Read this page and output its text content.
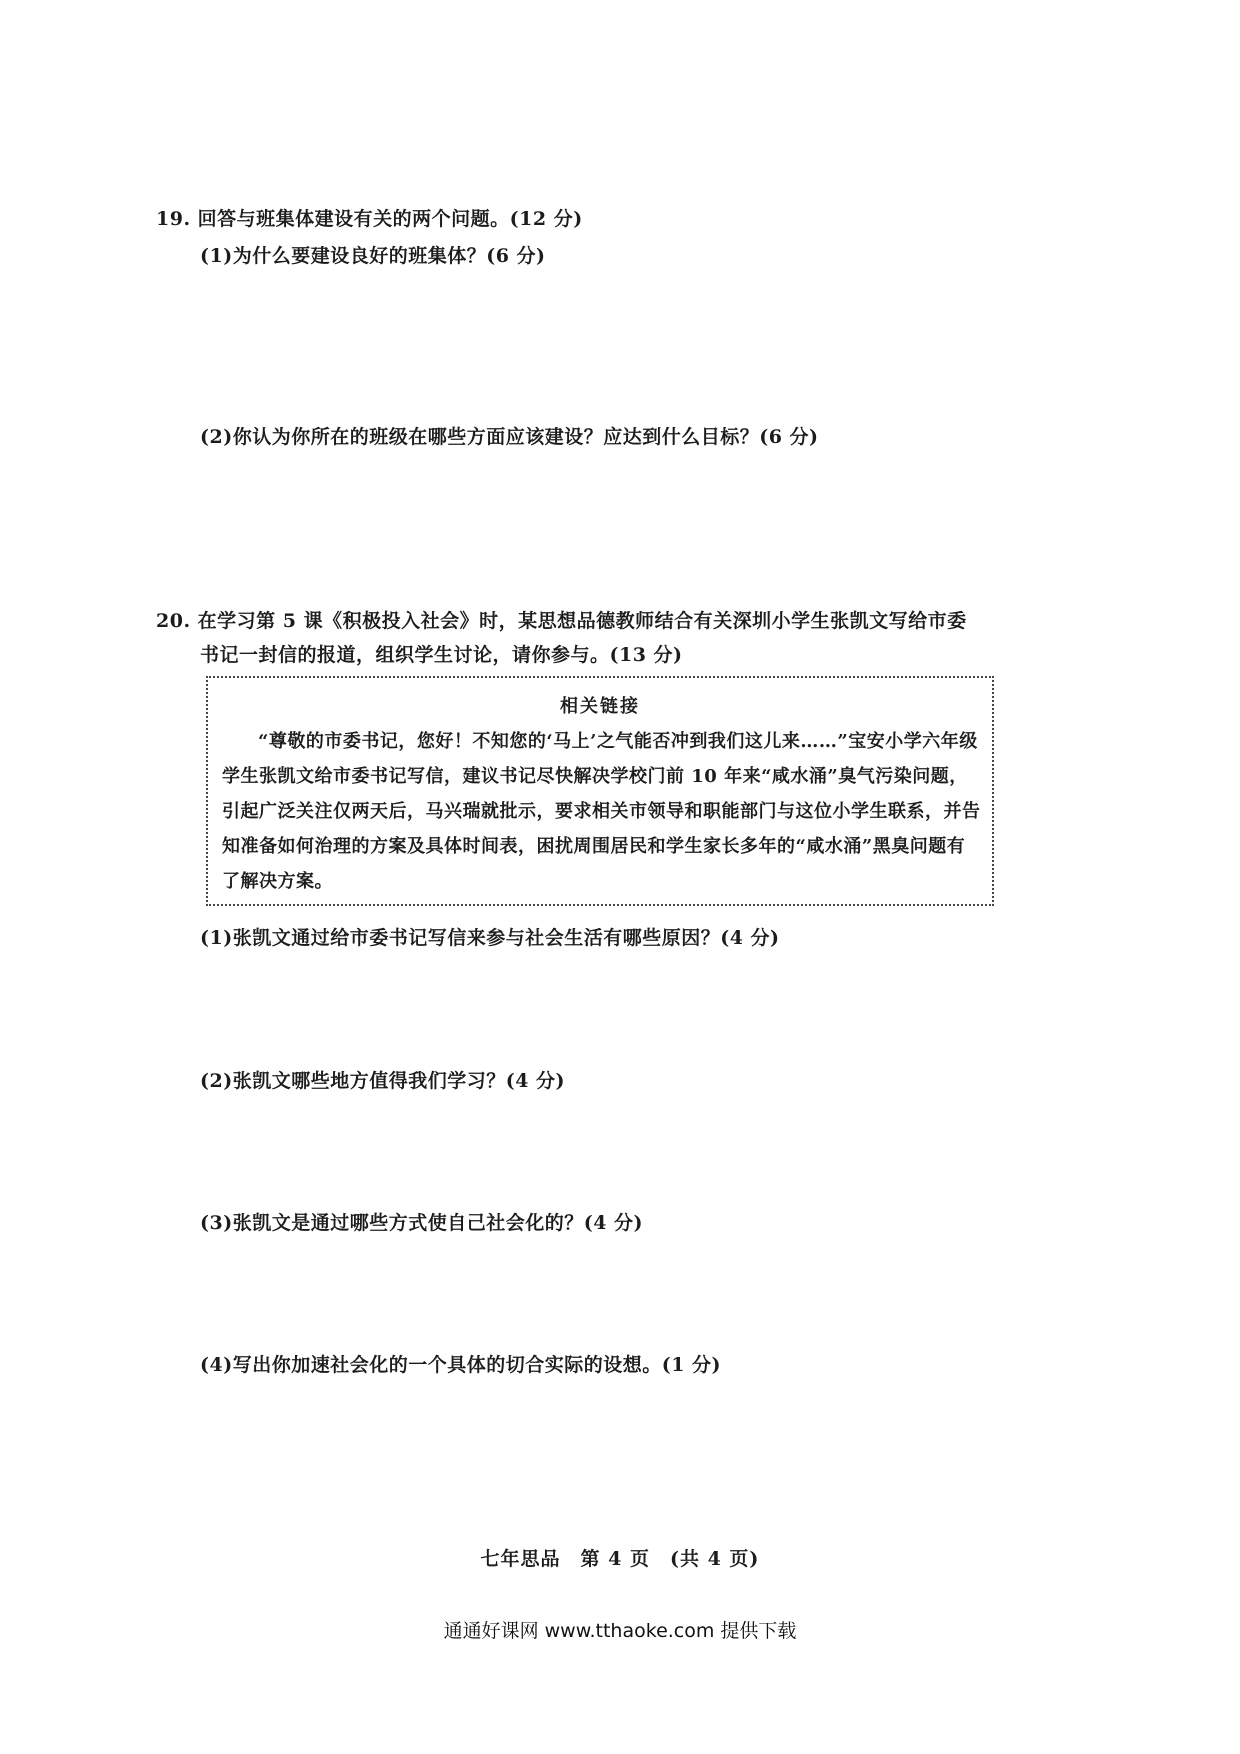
19. 回答与班集体建设有关的两个问题。(12 分)
(1)为什么要建设良好的班集体？(6 分)
(2)你认为你所在的班级在哪些方面应该建设？应达到什么目标？(6 分)
20. 在学习第 5 课《积极投入社会》时，某思想品德教师结合有关深圳小学生张凯文写给市委
书记一封信的报道，组织学生讨论，请你参与。(13 分)
相关链接

“尊敬的市委书记，您好！不知您的‘马上’之气能否冲到我们这儿来……”宝安小学六年级学生张凯文给市委书记写信，建议书记尽快解决学校门前 10 年来“咸水涌”臭气污染问题，引起广泛关注仅两天后，马兴瑞就批示，要求相关市领导和职能部门与这位小学生联系，并告知准备如何治理的方案及具体时间表，困扰周围居民和学生家长多年的“咸水涌”黑臭问题有了解决方案。

(1)张凯文通过给市委书记写信来参与社会生活有哪些原因？(4 分)
(2)张凯文哪些地方值得我们学习？(4 分)
(3)张凯文是通过哪些方式使自己社会化的？(4 分)
(4)写出你加速社会化的一个具体的切合实际的设想。(1 分)
七年思品　第 4 页　(共 4 页)
通通好课网 www.tthaoke.com 提供下载
